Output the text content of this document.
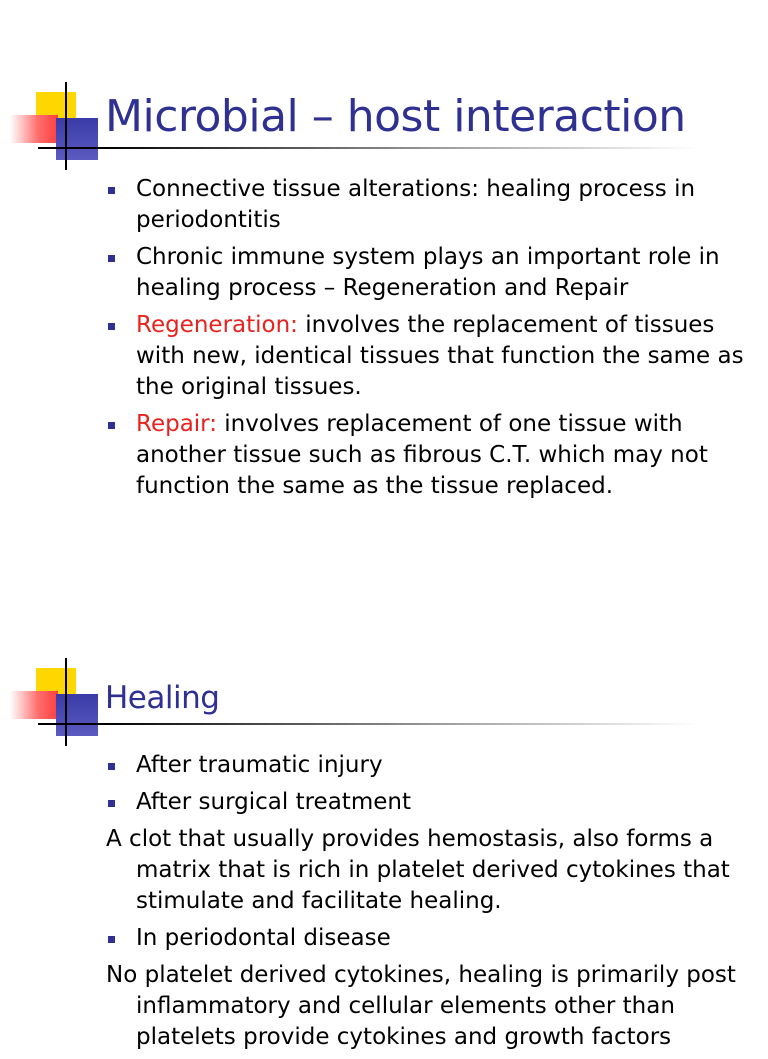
Microbial – host interaction

Connective tissue alterations: healing process in periodontitis

Chronic immune system plays an important role in healing process – Regeneration and Repair

Regeneration: involves the replacement of tissues with new, identical tissues that function the same as the original tissues.

Repair: involves replacement of one tissue with another tissue such as fibrous C.T. which may not function the same as the tissue replaced.

Healing

After traumatic injury

After surgical treatment

A clot that usually provides hemostasis, also forms a matrix that is rich in platelet derived cytokines that stimulate and facilitate healing.

In periodontal disease

No platelet derived cytokines, healing is primarily post inflammatory and cellular elements other than platelets provide cytokines and growth factors
